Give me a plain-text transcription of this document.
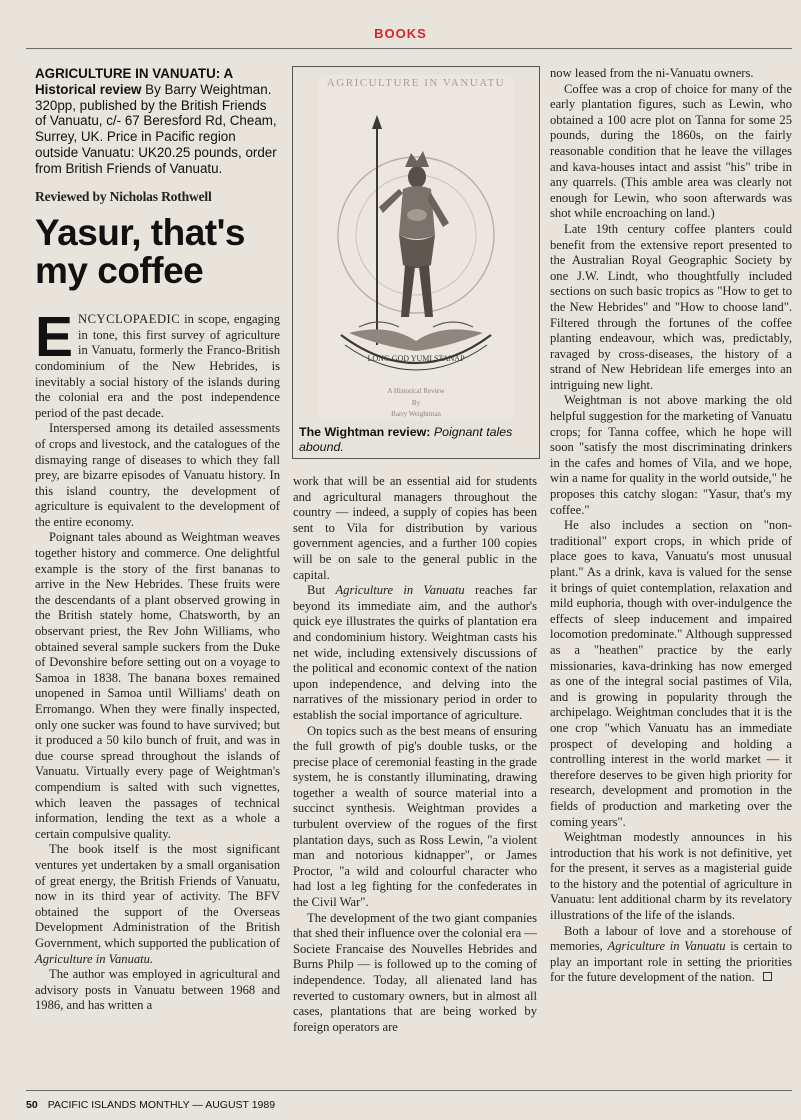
BOOKS
AGRICULTURE IN VANUATU: A Historical review By Barry Weightman. 320pp, published by the British Friends of Vanuatu, c/- 67 Beresford Rd, Cheam, Surrey, UK. Price in Pacific region outside Vanuatu: UK20.25 pounds, order from British Friends of Vanuatu.
Reviewed by Nicholas Rothwell
Yasur, that's my coffee

ENCYCLOPAEDIC in scope, engaging in tone, this first survey of agriculture in Vanuatu, formerly the Franco-British condominium of the New Hebrides, is inevitably a social history of the islands during the colonial era and the post independence period of the past decade.

Interspersed among its detailed assessments of crops and livestock, and the catalogues of the dismaying range of diseases to which they fall prey, are bizarre episodes of Vanuatu history. In this island country, the development of agriculture is equivalent to the development of the entire economy.

Poignant tales abound as Weightman weaves together history and commerce. One delightful example is the story of the first bananas to arrive in the New Hebrides. These fruits were the descendants of a plant observed growing in the British stately home, Chatsworth, by an observant priest, the Rev John Williams, who obtained several sample suckers from the Duke of Devonshire before setting out on a voyage to Samoa in 1838. The banana boxes remained unopened in Samoa until Williams' death on Erromango. When they were finally inspected, only one sucker was found to have survived; but it produced a 50 kilo bunch of fruit, and was in due course spread throughout the islands of Vanuatu. Virtually every page of Weightman's compendium is salted with such vignettes, which leaven the passages of technical information, lending the text as a whole a certain compulsive quality.

The book itself is the most significant ventures yet undertaken by a small organisation of great energy, the British Friends of Vanuatu, now in its third year of activity. The BFV obtained the support of the Overseas Development Administration of the British Government, which supported the publication of Agriculture in Vanuatu.

The author was employed in agricultural and advisory posts in Vanuatu between 1968 and 1986, and has written a

AGRICULTURE IN VANUATU
LONG GOD YUMI STANAP
A Historical Review
By
Barry Weightman
The Wightman review: Poignant tales abound.

work that will be an essential aid for students and agricultural managers throughout the country — indeed, a supply of copies has been sent to Vila for distribution by various government agencies, and a further 100 copies will be on sale to the general public in the capital.

But Agriculture in Vanuatu reaches far beyond its immediate aim, and the author's quick eye illustrates the quirks of plantation era and condominium history. Weightman casts his net wide, including extensively discussions of the political and economic context of the nation upon independence, and delving into the narratives of the missionary period in order to establish the social importance of agriculture.

On topics such as the best means of ensuring the full growth of pig's double tusks, or the precise place of ceremonial feasting in the grade system, he is constantly illuminating, drawing together a wealth of source material into a succinct synthesis. Weightman provides a turbulent overview of the rogues of the first plantation days, such as Ross Lewin, "a violent man and notorious kidnapper", or James Proctor, "a wild and colourful character who had lost a leg fighting for the confederates in the Civil War".

The development of the two giant companies that shed their influence over the colonial era — Societe Francaise des Nouvelles Hebrides and Burns Philp — is followed up to the coming of independence. Today, all alienated land has reverted to customary owners, but in almost all cases, plantations that are being worked by foreign operators are

now leased from the ni-Vanuatu owners.

Coffee was a crop of choice for many of the early plantation figures, such as Lewin, who obtained a 100 acre plot on Tanna for some 25 pounds, during the 1860s, on the fairly reasonable condition that he leave the villages and kava-houses intact and assist "his" tribe in any quarrels. (This amble area was clearly not enough for Lewin, who soon afterwards was shot while encroaching on land.)

Late 19th century coffee planters could benefit from the extensive report presented to the Australian Royal Geographic Society by one J.W. Lindt, who thoughtfully included sections on such basic tropics as "How to get to the New Hebrides" and "How to choose land". Filtered through the fortunes of the coffee planting endeavour, which was, predictably, ravaged by cross-diseases, the history of a strand of New Hebridean life emerges into an intriguing new light.

Weightman is not above marking the old helpful suggestion for the marketing of Vanuatu crops; for Tanna coffee, which he hope will soon "satisfy the most discriminating drinkers in the cafes and homes of Vila, and we hope, win a name for quality in the world outside," he proposes this catchy slogan: "Yasur, that's my coffee."

He also includes a section on "non-traditional" export crops, in which pride of place goes to kava, Vanuatu's most unusual plant." As a drink, kava is valued for the sense it brings of quiet contemplation, relaxation and mild euphoria, though with over-indulgence the effects of sleep inducement and impaired locomotion predominate." Although suppressed as a "heathen" practice by the early missionaries, kava-drinking has now emerged as one of the integral social pastimes of Vila, and is growing in popularity through the archipelago. Weightman concludes that it is the one crop "which Vanuatu has an immediate prospect of developing and holding a controlling interest in the world market — it therefore deserves to be given high priority for research, development and promotion in the fields of production and marketing over the coming years".

Weightman modestly announces in his introduction that his work is not definitive, yet for the present, it serves as a magisterial guide to the history and the potential of agriculture in Vanuatu: lent additional charm by its revelatory illustrations of the life of the islands.

Both a labour of love and a storehouse of memories, Agriculture in Vanuatu is certain to play an important role in setting the priorities for the future development of the nation.

50 PACIFIC ISLANDS MONTHLY — AUGUST 1989
